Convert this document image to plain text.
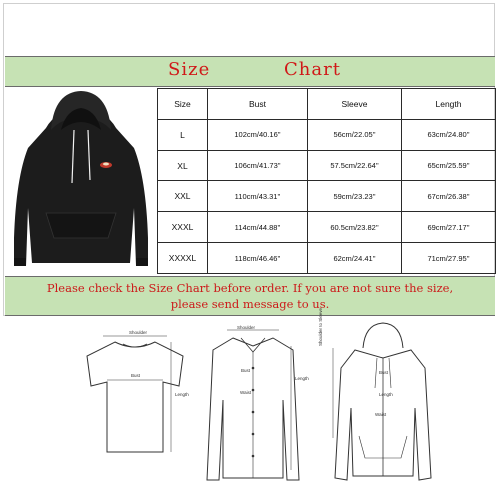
Size	Chart
Size	Bust	Sleeve	Length
L	102cm/40.16''	56cm/22.05''	63cm/24.80''
XL	106cm/41.73''	57.5cm/22.64''	65cm/25.59''
XXL	110cm/43.31''	59cm/23.23''	67cm/26.38''
XXXL	114cm/44.88''	60.5cm/23.82''	69cm/27.17''
XXXXL	118cm/46.46''	62cm/24.41''	71cm/27.95''
Please check the Size Chart before order. If you are not sure the size,
please send message to us.
Shoulder
Bust
Length
Shoulder
Bust
Waist
Length
Shoulder to Sleeve
Bust
Length
Waist
